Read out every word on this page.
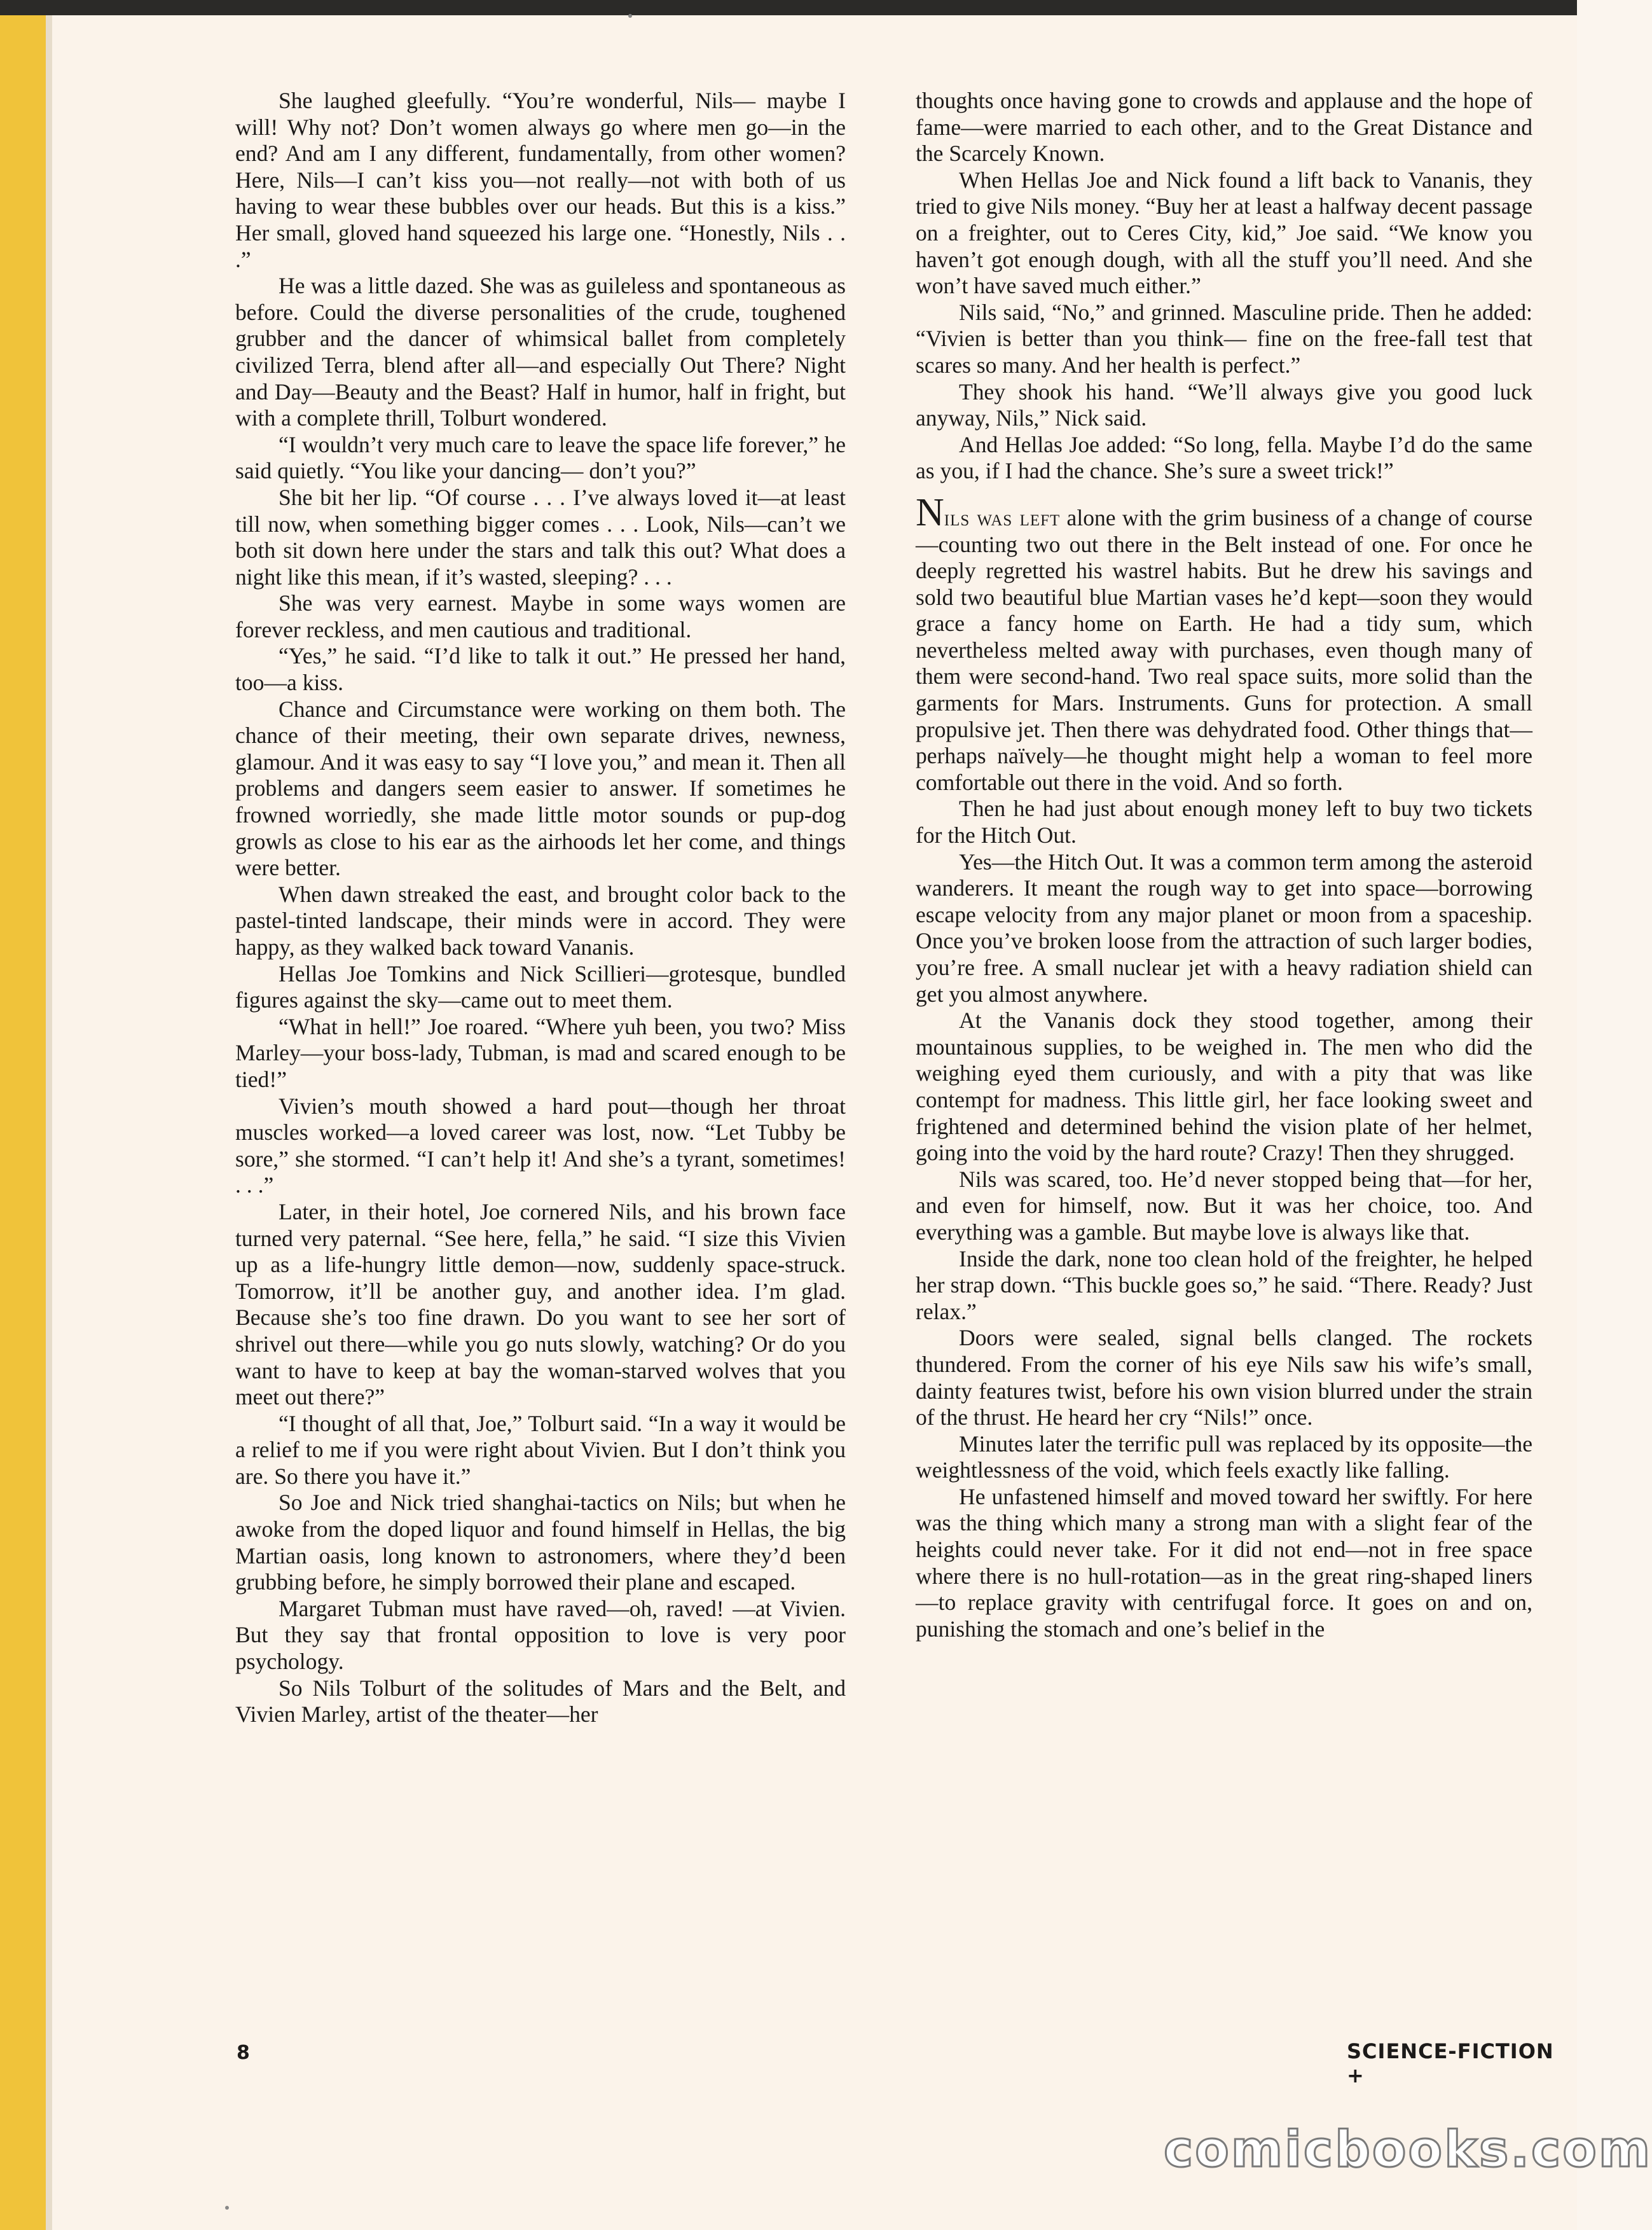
She laughed gleefully. “You’re wonderful, Nils— maybe I will! Why not? Don’t women always go where men go—in the end? And am I any different, fundamentally, from other women? Here, Nils—I can’t kiss you—not really—not with both of us having to wear these bubbles over our heads. But this is a kiss.” Her small, gloved hand squeezed his large one. “Honestly, Nils . . .”

He was a little dazed. She was as guileless and spontaneous as before. Could the diverse personalities of the crude, toughened grubber and the dancer of whimsical ballet from completely civilized Terra, blend after all—and especially Out There? Night and Day—Beauty and the Beast? Half in humor, half in fright, but with a complete thrill, Tolburt wondered.

“I wouldn’t very much care to leave the space life forever,” he said quietly. “You like your dancing— don’t you?”

She bit her lip. “Of course . . . I’ve always loved it—at least till now, when something bigger comes . . . Look, Nils—can’t we both sit down here under the stars and talk this out? What does a night like this mean, if it’s wasted, sleeping? . . .

She was very earnest. Maybe in some ways women are forever reckless, and men cautious and traditional.

“Yes,” he said. “I’d like to talk it out.” He pressed her hand, too—a kiss.

Chance and Circumstance were working on them both. The chance of their meeting, their own separate drives, newness, glamour. And it was easy to say “I love you,” and mean it. Then all problems and dangers seem easier to answer. If sometimes he frowned worriedly, she made little motor sounds or pup-dog growls as close to his ear as the airhoods let her come, and things were better.

When dawn streaked the east, and brought color back to the pastel-tinted landscape, their minds were in accord. They were happy, as they walked back toward Vananis.

Hellas Joe Tomkins and Nick Scillieri—grotesque, bundled figures against the sky—came out to meet them.

“What in hell!” Joe roared. “Where yuh been, you two? Miss Marley—your boss-lady, Tubman, is mad and scared enough to be tied!”

Vivien’s mouth showed a hard pout—though her throat muscles worked—a loved career was lost, now. “Let Tubby be sore,” she stormed. “I can’t help it! And she’s a tyrant, sometimes! . . .”

Later, in their hotel, Joe cornered Nils, and his brown face turned very paternal. “See here, fella,” he said. “I size this Vivien up as a life-hungry little demon—now, suddenly space-struck. Tomorrow, it’ll be another guy, and another idea. I’m glad. Because she’s too fine drawn. Do you want to see her sort of shrivel out there—while you go nuts slowly, watching? Or do you want to have to keep at bay the woman-starved wolves that you meet out there?”

“I thought of all that, Joe,” Tolburt said. “In a way it would be a relief to me if you were right about Vivien. But I don’t think you are. So there you have it.”

So Joe and Nick tried shanghai-tactics on Nils; but when he awoke from the doped liquor and found himself in Hellas, the big Martian oasis, long known to astronomers, where they’d been grubbing before, he simply borrowed their plane and escaped.

Margaret Tubman must have raved—oh, raved! —at Vivien. But they say that frontal opposition to love is very poor psychology.

So Nils Tolburt of the solitudes of Mars and the Belt, and Vivien Marley, artist of the theater—her

thoughts once having gone to crowds and applause and the hope of fame—were married to each other, and to the Great Distance and the Scarcely Known.

When Hellas Joe and Nick found a lift back to Vananis, they tried to give Nils money. “Buy her at least a halfway decent passage on a freighter, out to Ceres City, kid,” Joe said. “We know you haven’t got enough dough, with all the stuff you’ll need. And she won’t have saved much either.”

Nils said, “No,” and grinned. Masculine pride. Then he added: “Vivien is better than you think— fine on the free-fall test that scares so many. And her health is perfect.”

They shook his hand. “We’ll always give you good luck anyway, Nils,” Nick said.

And Hellas Joe added: “So long, fella. Maybe I’d do the same as you, if I had the chance. She’s sure a sweet trick!”

Nils was left alone with the grim business of a change of course—counting two out there in the Belt instead of one. For once he deeply regretted his wastrel habits. But he drew his savings and sold two beautiful blue Martian vases he’d kept—soon they would grace a fancy home on Earth. He had a tidy sum, which nevertheless melted away with purchases, even though many of them were second-hand. Two real space suits, more solid than the garments for Mars. Instruments. Guns for protection. A small propulsive jet. Then there was dehydrated food. Other things that—perhaps naïvely—he thought might help a woman to feel more comfortable out there in the void. And so forth.

Then he had just about enough money left to buy two tickets for the Hitch Out.

Yes—the Hitch Out. It was a common term among the asteroid wanderers. It meant the rough way to get into space—borrowing escape velocity from any major planet or moon from a spaceship. Once you’ve broken loose from the attraction of such larger bodies, you’re free. A small nuclear jet with a heavy radiation shield can get you almost anywhere.

At the Vananis dock they stood together, among their mountainous supplies, to be weighed in. The men who did the weighing eyed them curiously, and with a pity that was like contempt for madness. This little girl, her face looking sweet and frightened and determined behind the vision plate of her helmet, going into the void by the hard route? Crazy! Then they shrugged.

Nils was scared, too. He’d never stopped being that—for her, and even for himself, now. But it was her choice, too. And everything was a gamble. But maybe love is always like that.

Inside the dark, none too clean hold of the freighter, he helped her strap down. “This buckle goes so,” he said. “There. Ready? Just relax.”

Doors were sealed, signal bells clanged. The rockets thundered. From the corner of his eye Nils saw his wife’s small, dainty features twist, before his own vision blurred under the strain of the thrust. He heard her cry “Nils!” once.

Minutes later the terrific pull was replaced by its opposite—the weightlessness of the void, which feels exactly like falling.

He unfastened himself and moved toward her swiftly. For here was the thing which many a strong man with a slight fear of the heights could never take. For it did not end—not in free space where there is no hull-rotation—as in the great ring-shaped liners —to replace gravity with centrifugal force. It goes on and on, punishing the stomach and one’s belief in the

8	SCIENCE-FICTION +
comicbooks.com
